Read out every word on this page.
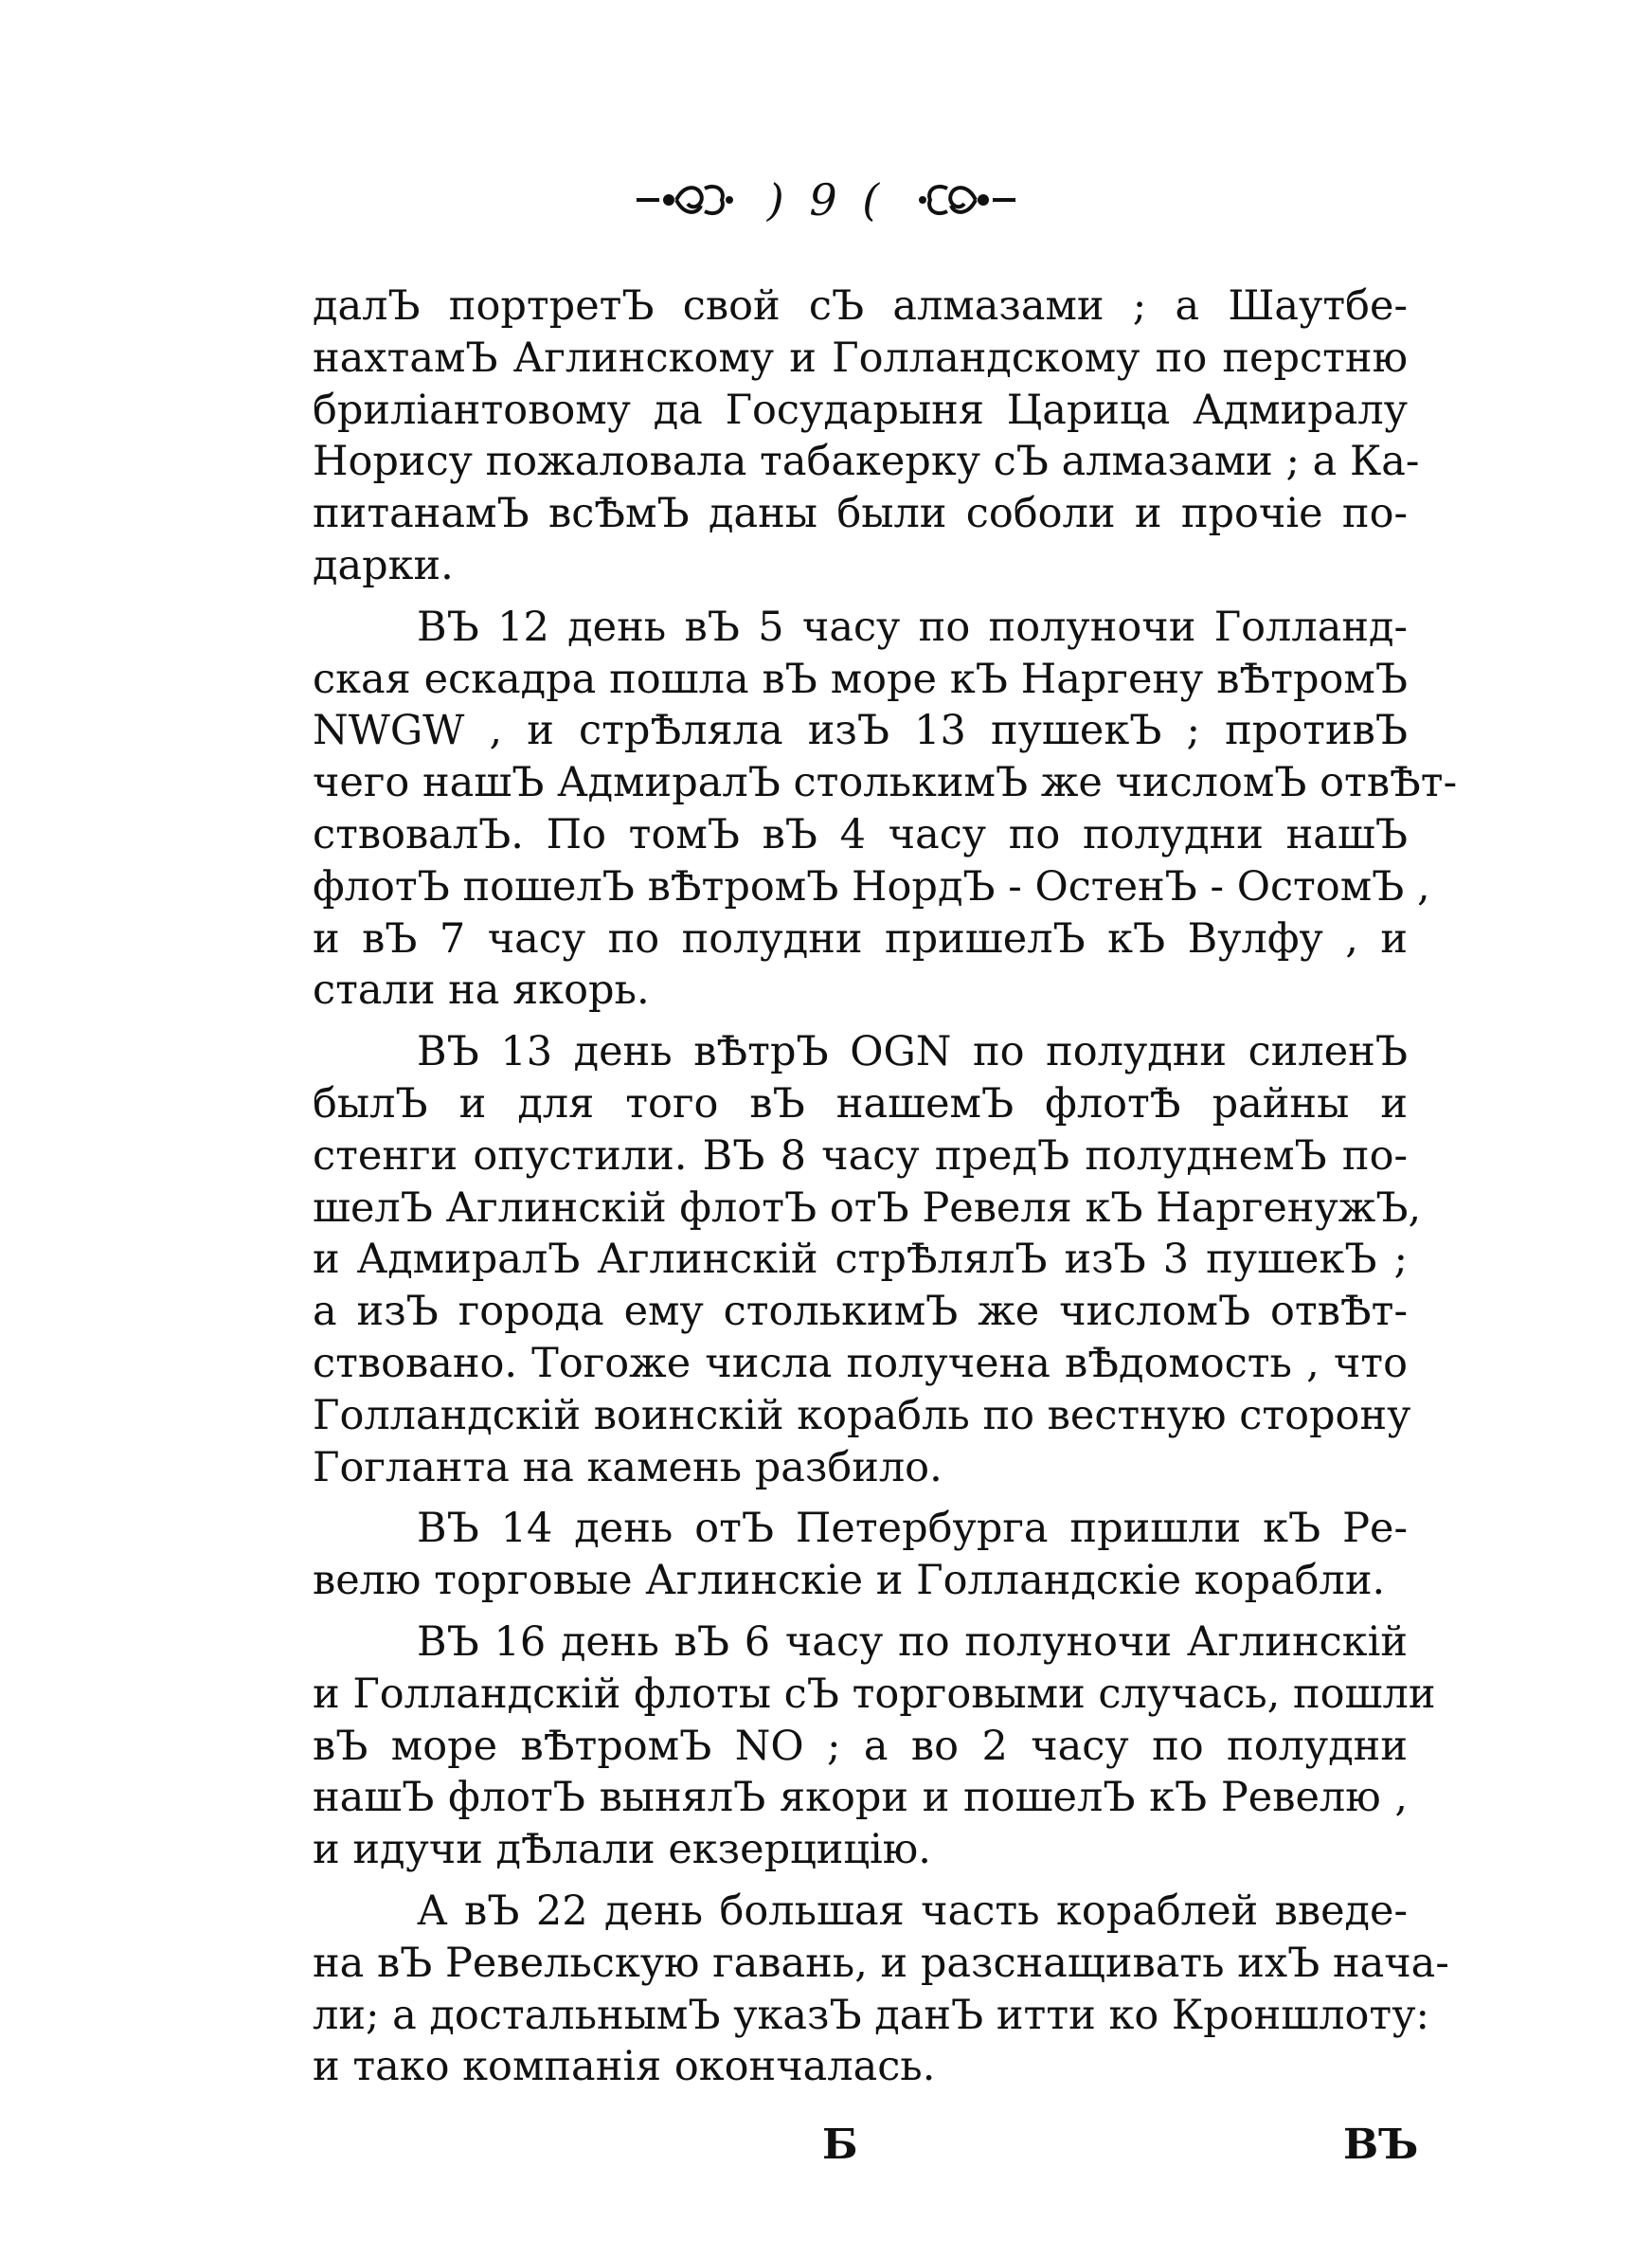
) 9 (
далЪ портретЪ свой сЪ алмазами ; а Шаутбе-
нахтамЪ Аглинскому и Голландскому по перстню
бриліантовому да Государыня Царица Адмиралу
Норису пожаловала табакерку сЪ алмазами ; а Ка-
питанамЪ всѢмЪ даны были соболи и прочіе по-
дарки.
ВЪ 12 день вЪ 5 часу по полуночи Голланд-
ская ескадра пошла вЪ море кЪ Наргену вѢтромЪ
NWGW , и стрѢляла изЪ 13 пушекЪ ; противЪ
чего нашЪ АдмиралЪ столькимЪ же числомЪ отвѢт-
ствовалЪ. По томЪ вЪ 4 часу по полудни нашЪ
флотЪ пошелЪ вѢтромЪ НордЪ - ОстенЪ - ОстомЪ ,
и вЪ 7 часу по полудни пришелЪ кЪ Вулфу , и
стали на якорь.
ВЪ 13 день вѢтрЪ OGN по полудни силенЪ
былЪ и для того вЪ нашемЪ флотѢ райны и
стенги опустили. ВЪ 8 часу предЪ полуднемЪ по-
шелЪ Аглинскій флотЪ отЪ Ревеля кЪ НаргенужЪ,
и АдмиралЪ Аглинскій стрѢлялЪ изЪ 3 пушекЪ ;
а изЪ города ему столькимЪ же числомЪ отвѢт-
ствовано. Тогоже числа получена вѢдомость , что
Голландскій воинскій корабль по вестную сторону
Гогланта на камень разбило.
ВЪ 14 день отЪ Петербурга пришли кЪ Ре-
велю торговые Аглинскіе и Голландскіе корабли.
ВЪ 16 день вЪ 6 часу по полуночи Аглинскій
и Голландскій флоты сЪ торговыми случась, пошли
вЪ море вѢтромЪ NO ; а во 2 часу по полудни
нашЪ флотЪ вынялЪ якори и пошелЪ кЪ Ревелю ,
и идучи дѢлали екзерцицію.
А вЪ 22 день большая часть кораблей введе-
на вЪ Ревельскую гавань, и разснащивать ихЪ нача-
ли; а достальнымЪ указЪ данЪ итти ко Кроншлоту:
и тако компанія окончалась.
Б	ВЪ
